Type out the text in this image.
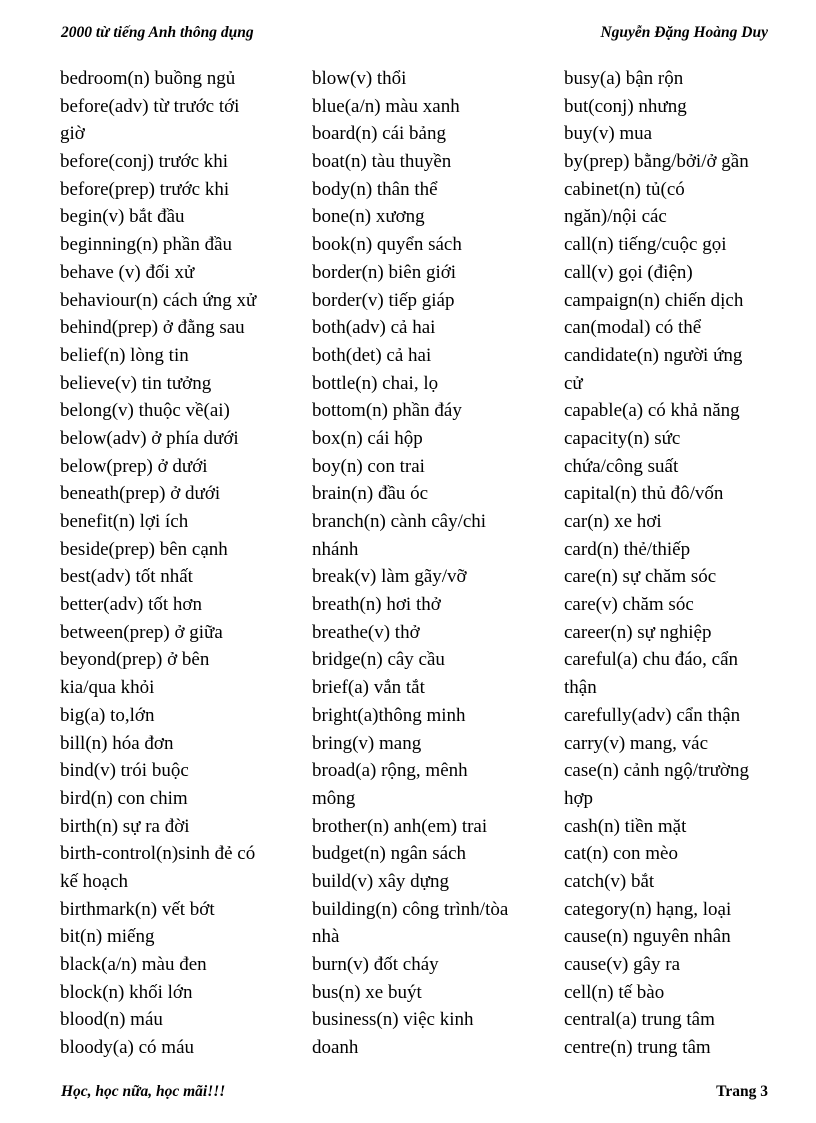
2000 từ tiếng Anh thông dụng	Nguyễn Đặng Hoàng Duy
bedroom(n) buồng ngủ
before(adv) từ trước tới
giờ
before(conj) trước khi
before(prep) trước khi
begin(v) bắt đầu
beginning(n) phần đầu
behave (v) đối xử
behaviour(n) cách ứng xử
behind(prep) ở đằng sau
belief(n) lòng tin
believe(v) tin tưởng
belong(v) thuộc về(ai)
below(adv) ở phía dưới
below(prep) ở dưới
beneath(prep) ở dưới
benefit(n) lợi ích
beside(prep) bên cạnh
best(adv) tốt nhất
better(adv) tốt hơn
between(prep) ở giữa
beyond(prep) ở bên
kia/qua khỏi
big(a) to,lớn
bill(n) hóa đơn
bind(v) trói buộc
bird(n) con chim
birth(n) sự ra đời
birth-control(n)sinh đẻ có
kế hoạch
birthmark(n) vết bớt
bit(n) miếng
black(a/n) màu đen
block(n) khối lớn
blood(n) máu
bloody(a) có máu
blow(v) thổi
blue(a/n) màu xanh
board(n) cái bảng
boat(n) tàu thuyền
body(n) thân thể
bone(n) xương
book(n) quyển sách
border(n) biên giới
border(v) tiếp giáp
both(adv) cả hai
both(det) cả hai
bottle(n) chai, lọ
bottom(n) phần đáy
box(n) cái hộp
boy(n) con trai
brain(n) đầu óc
branch(n) cành cây/chi
nhánh
break(v) làm gãy/vỡ
breath(n) hơi thở
breathe(v) thở
bridge(n) cây cầu
brief(a) vắn tắt
bright(a)thông minh
bring(v) mang
broad(a) rộng, mênh
mông
brother(n) anh(em) trai
budget(n) ngân sách
build(v) xây dựng
building(n) công trình/tòa
nhà
burn(v) đốt cháy
bus(n) xe buýt
business(n) việc kinh
doanh
busy(a) bận rộn
but(conj) nhưng
buy(v) mua
by(prep) bằng/bởi/ở gần
cabinet(n) tủ(có
ngăn)/nội các
call(n) tiếng/cuộc gọi
call(v) gọi (điện)
campaign(n) chiến dịch
can(modal) có thể
candidate(n) người ứng
cử
capable(a) có khả năng
capacity(n) sức
chứa/công suất
capital(n) thủ đô/vốn
car(n) xe hơi
card(n) thẻ/thiếp
care(n) sự chăm sóc
care(v) chăm sóc
career(n) sự nghiệp
careful(a) chu đáo, cẩn
thận
carefully(adv) cẩn thận
carry(v) mang, vác
case(n) cảnh ngộ/trường
hợp
cash(n) tiền mặt
cat(n) con mèo
catch(v) bắt
category(n) hạng, loại
cause(n) nguyên nhân
cause(v) gây ra
cell(n) tế bào
central(a) trung tâm
centre(n) trung tâm
Học, học nữa, học mãi!!!	Trang 3
